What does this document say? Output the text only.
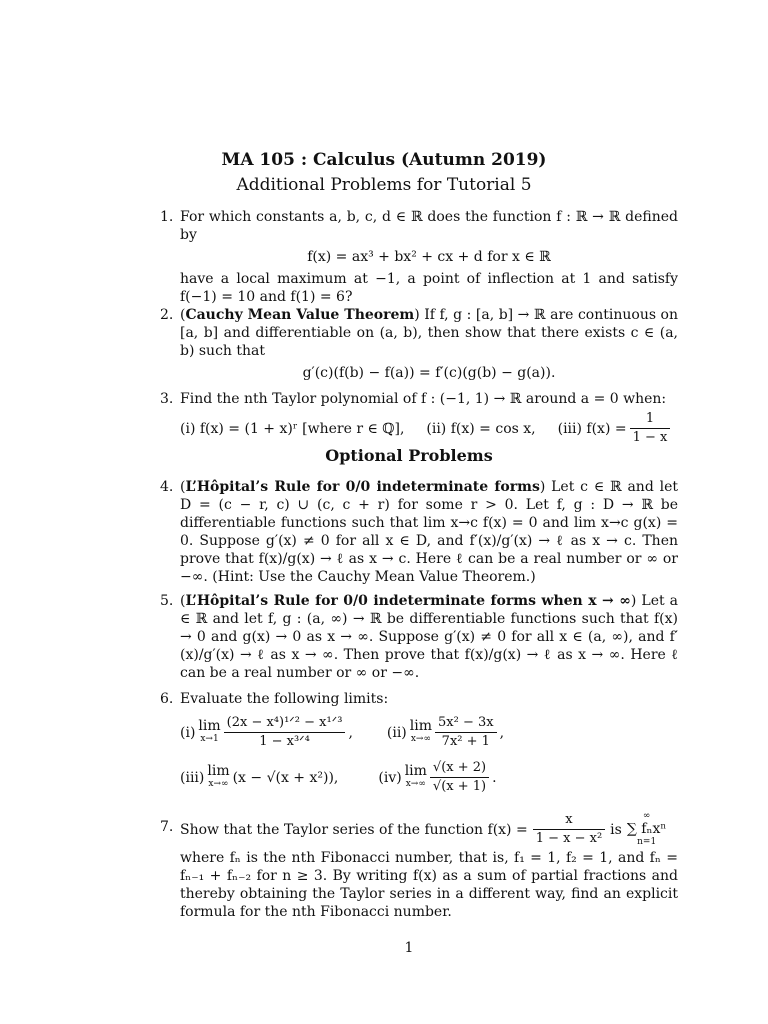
MA 105 : Calculus (Autumn 2019)
Additional Problems for Tutorial 5
1. For which constants a, b, c, d ∈ ℝ does the function f : ℝ → ℝ defined by
f(x) = ax³ + bx² + cx + d for x ∈ ℝ
have a local maximum at −1, a point of inflection at 1 and satisfy f(−1) = 10 and f(1) = 6?
2. (Cauchy Mean Value Theorem) If f, g : [a, b] → ℝ are continuous on [a, b] and differentiable on (a, b), then show that there exists c ∈ (a, b) such that
g′(c)(f(b) − f(a)) = f′(c)(g(b) − g(a)).
3. Find the nth Taylor polynomial of f : (−1, 1) → ℝ around a = 0 when:
(i) f(x) = (1 + x)ʳ [where r ∈ ℚ], (ii) f(x) = cos x, (iii) $f(x) = \frac{1}{1 - x}$
Optional Problems
4. (L’Hôpital’s Rule for 0/0 indeterminate forms) Let c ∈ ℝ and let D = (c − r, c) ∪ (c, c + r) for some r > 0. Let f, g : D → ℝ be differentiable functions such that lim x→c f(x) = 0 and lim x→c g(x) = 0. Suppose g′(x) ≠ 0 for all x ∈ D, and f′(x)/g′(x) → ℓ as x → c. Then prove that f(x)/g(x) → ℓ as x → c. Here ℓ can be a real number or ∞ or −∞. (Hint: Use the Cauchy Mean Value Theorem.)
5. (L’Hôpital’s Rule for 0/0 indeterminate forms when x → ∞) Let a ∈ ℝ and let f, g : (a, ∞) → ℝ be differentiable functions such that f(x) → 0 and g(x) → 0 as x → ∞. Suppose g′(x) ≠ 0 for all x ∈ (a, ∞), and f′(x)/g′(x) → ℓ as x → ∞. Then prove that f(x)/g(x) → ℓ as x → ∞. Here ℓ can be a real number or ∞ or −∞.
6. Evaluate the following limits:
(i) lim
$x\to 1 \frac{\text{(2x − x⁴)¹ᐟ² − x¹ᐟ³}}{\text{1 − x³ᐟ⁴}}$ , (ii) lim
$x\to\infty \frac{\text{5x² − 3x}}{\text{7x² + 1}}$ ,
(iii) lim
x→∞ (x − √(x + x²)),	(iv) lim
$x\to\infty \frac{√(x + 2)}{√(x + 1)}$ .
7. Show that the Taylor series of the function $f(x) = \frac{x}{\text{1 − x − x²}}$ is
∞
∑ fₙxⁿ
n=1
where fₙ is the nth Fibonacci number, that is, f₁ = 1, f₂ = 1, and fₙ = fₙ₋₁ + fₙ₋₂ for n ≥ 3. By writing f(x) as a sum of partial fractions and thereby obtaining the Taylor series in a different way, find an explicit formula for the nth Fibonacci number.
1
